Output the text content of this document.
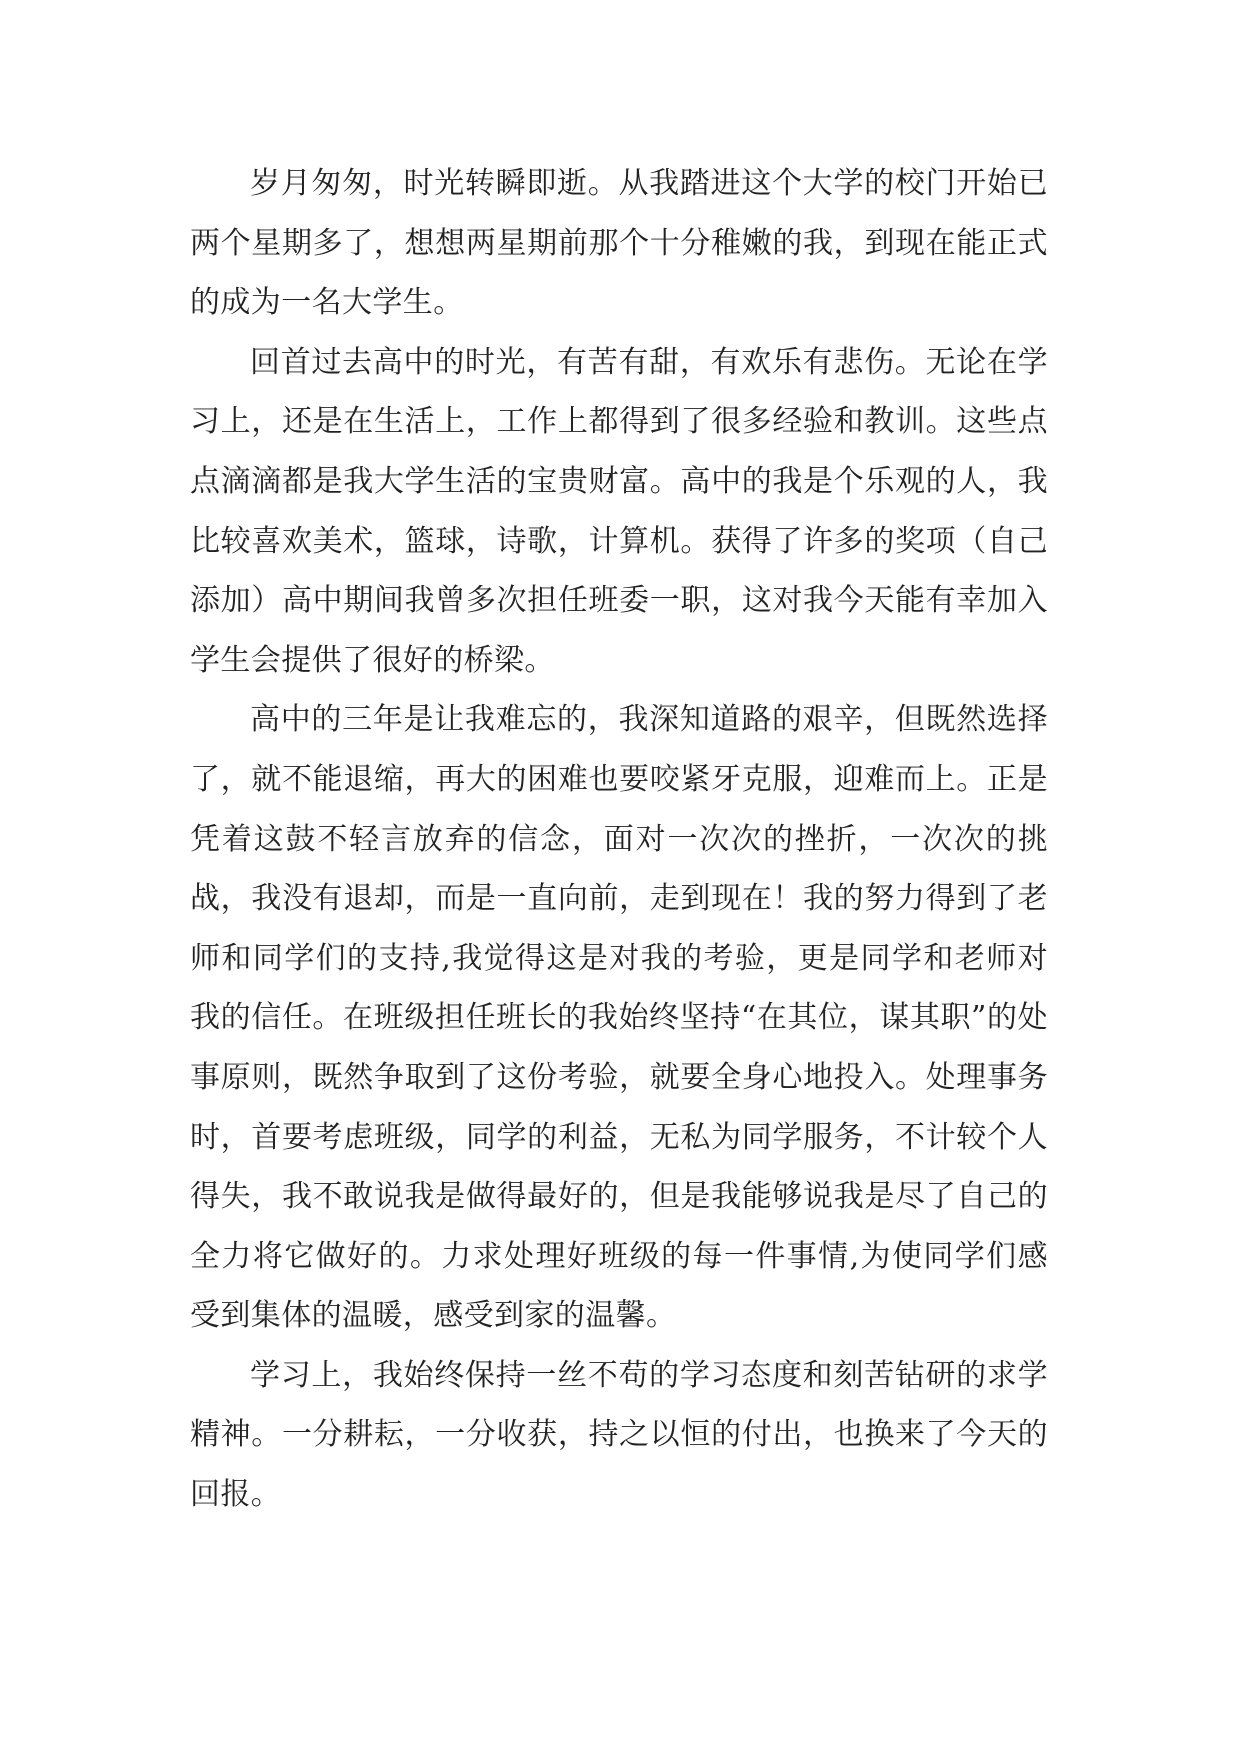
岁月匆匆，时光转瞬即逝。从我踏进这个大学的校门开始已两个星期多了，想想两星期前那个十分稚嫩的我，到现在能正式的成为一名大学生。

回首过去高中的时光，有苦有甜，有欢乐有悲伤。无论在学习上，还是在生活上，工作上都得到了很多经验和教训。这些点点滴滴都是我大学生活的宝贵财富。高中的我是个乐观的人，我比较喜欢美术，篮球，诗歌，计算机。获得了许多的奖项（自己添加）高中期间我曾多次担任班委一职，这对我今天能有幸加入学生会提供了很好的桥梁。

高中的三年是让我难忘的，我深知道路的艰辛，但既然选择了，就不能退缩，再大的困难也要咬紧牙克服，迎难而上。正是凭着这鼓不轻言放弃的信念，面对一次次的挫折，一次次的挑战，我没有退却，而是一直向前，走到现在！我的努力得到了老师和同学们的支持,我觉得这是对我的考验，更是同学和老师对我的信任。在班级担任班长的我始终坚持“在其位，谋其职”的处事原则，既然争取到了这份考验，就要全身心地投入。处理事务时，首要考虑班级，同学的利益，无私为同学服务，不计较个人得失，我不敢说我是做得最好的，但是我能够说我是尽了自己的全力将它做好的。力求处理好班级的每一件事情,为使同学们感受到集体的温暖，感受到家的温馨。

学习上，我始终保持一丝不苟的学习态度和刻苦钻研的求学精神。一分耕耘，一分收获，持之以恒的付出，也换来了今天的回报。
